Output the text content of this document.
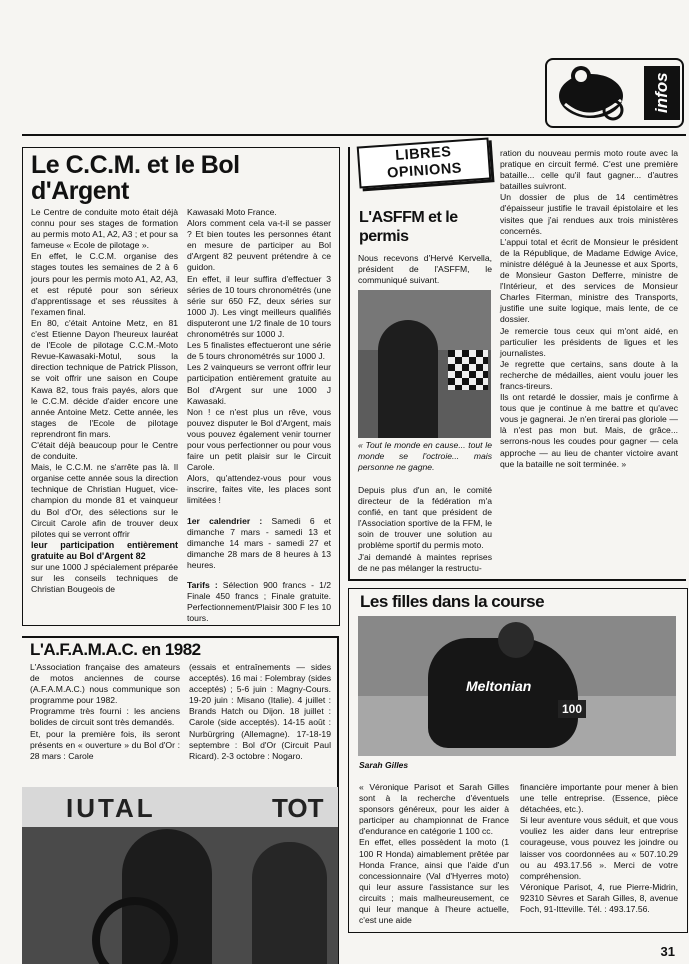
infos
Le C.C.M. et le Bol d'Argent

Le Centre de conduite moto était déjà connu pour ses stages de formation au permis moto A1, A2, A3 ; et pour sa fameuse « Ecole de pilotage ».
En effet, le C.C.M. organise des stages toutes les semaines de 2 à 6 jours pour les permis moto A1, A2, A3, et est réputé pour son sérieux d'apprentissage et ses réussites à l'examen final.
En 80, c'était Antoine Metz, en 81 c'est Etienne Dayon l'heureux lauréat de l'Ecole de pilotage C.C.M.-Moto Revue-Kawasaki-Motul, sous la direction technique de Patrick Plisson, se voit offrir une saison en Coupe Kawa 82, tous frais payés, alors que le C.C.M. décide d'aider encore une année Antoine Metz. Cette année, les stages de l'Ecole de pilotage reprendront fin mars.
C'était déjà beaucoup pour le Centre de conduite.
Mais, le C.C.M. ne s'arrête pas là. Il organise cette année sous la direction technique de Christian Huguet, vice-champion du monde 81 et vainqueur du Bol d'Or, des sélections sur le Circuit Carole afin de trouver deux pilotes qui se verront offrir

leur participation entièrement gratuite au Bol d'Argent 82

sur une 1000 J spécialement préparée sur les conseils techniques de Christian Bougeois de

Kawasaki Moto France.
Alors comment cela va-t-il se passer ? Et bien toutes les personnes étant en mesure de participer au Bol d'Argent 82 peuvent prétendre à ce guidon.
En effet, il leur suffira d'effectuer 3 séries de 10 tours chronométrés (une série sur 650 FZ, deux séries sur 1000 J). Les vingt meilleurs qualifiés disputeront une 1/2 finale de 10 tours chronométrés sur 1000 J.
Les 5 finalistes effectueront une série de 5 tours chronométrés sur 1000 J.
Les 2 vainqueurs se verront offrir leur participation entièrement gratuite au Bol d'Argent sur une 1000 J Kawasaki.
Non ! ce n'est plus un rêve, vous pouvez disputer le Bol d'Argent, mais vous pouvez également venir tourner pour vous perfectionner ou pour vous faire un petit plaisir sur le Circuit Carole.
Alors, qu'attendez-vous pour vous inscrire, faites vite, les places sont limitées !

1er calendrier : Samedi 6 et dimanche 7 mars - samedi 13 et dimanche 14 mars - samedi 27 et dimanche 28 mars de 8 heures à 13 heures.

Tarifs : Sélection 900 francs - 1/2 Finale 450 francs ; Finale gratuite. Perfectionnement/Plaisir 300 F les 10 tours.

L'A.F.A.M.A.C. en 1982

L'Association française des amateurs de motos anciennes de course (A.F.A.M.A.C.) nous communique son programme pour 1982.
Programme très fourni : les anciens bolides de circuit sont très demandés.
Et, pour la première fois, ils seront présents en « ouverture » du Bol d'Or : 28 mars : Carole

(essais et entraînements — sides acceptés). 16 mai : Folembray (sides acceptés) ; 5-6 juin : Magny-Cours. 19-20 juin : Misano (Italie). 4 juillet : Brands Hatch ou Dijon. 18 juillet : Carole (side acceptés). 14-15 août : Nurbürgring (Allemagne). 17-18-19 septembre : Bol d'Or (Circuit Paul Ricard). 2-3 octobre : Nogaro.

IUTAL	TOT
LIBRES OPINIONS
L'ASFFM et le permis

Nous recevons d'Hervé Kervella, président de l'ASFFM, le communiqué suivant.

« Tout le monde en cause... tout le monde se l'octroie... mais personne ne gagne.

Depuis plus d'un an, le comité directeur de la fédération m'a confié, en tant que président de l'Association sportive de la FFM, le soin de trouver une solution au problème sportif du permis moto.
J'ai demandé à maintes reprises de ne pas mélanger la restructu-

ration du nouveau permis moto route avec la pratique en circuit fermé. C'est une première bataille... celle qu'il faut gagner... d'autres batailles suivront.
Un dossier de plus de 14 centimètres d'épaisseur justifie le travail épistolaire et les visites que j'ai rendues aux trois ministères concernés.
L'appui total et écrit de Monsieur le président de la République, de Madame Edwige Avice, ministre délégué à la Jeunesse et aux Sports, de Monsieur Gaston Defferre, ministre de l'Intérieur, et des services de Monsieur Charles Fiterman, ministre des Transports, justifie une suite logique, mais lente, de ce dossier.
Je remercie tous ceux qui m'ont aidé, en particulier les présidents de ligues et les journalistes.
Je regrette que certains, sans doute à la recherche de médailles, aient voulu jouer les francs-tireurs.
Ils ont retardé le dossier, mais je confirme à tous que je continue à me battre et qu'avec vous je gagnerai. Je n'en tirerai pas gloriole — là n'est pas mon but. Mais, de grâce... serrons-nous les coudes pour gagner — cela approche — au lieu de chanter victoire avant que la bataille ne soit terminée. »

Les filles dans la course
Meltonian
100

Sarah Gilles

« Véronique Parisot et Sarah Gilles sont à la recherche d'éventuels sponsors généreux, pour les aider à participer au championnat de France d'endurance en catégorie 1 100 cc.
En effet, elles possèdent la moto (1 100 R Honda) aimablement prêtée par Honda France, ainsi que l'aide d'un concessionnaire (Val d'Hyerres moto) qui leur assure l'assistance sur les circuits ; mais malheureusement, ce qui leur manque à l'heure actuelle, c'est une aide

financière importante pour mener à bien une telle entreprise. (Essence, pièce détachées, etc.).
Si leur aventure vous séduit, et que vous vouliez les aider dans leur entreprise courageuse, vous pouvez les joindre ou laisser vos coordonnées au « 507.10.29 ou au 493.17.56 ». Merci de votre compréhension.
Véronique Parisot, 4, rue Pierre-Midrin, 92310 Sèvres et Sarah Gilles, 8, avenue Foch, 91-Itteville. Tél. : 493.17.56.

31
